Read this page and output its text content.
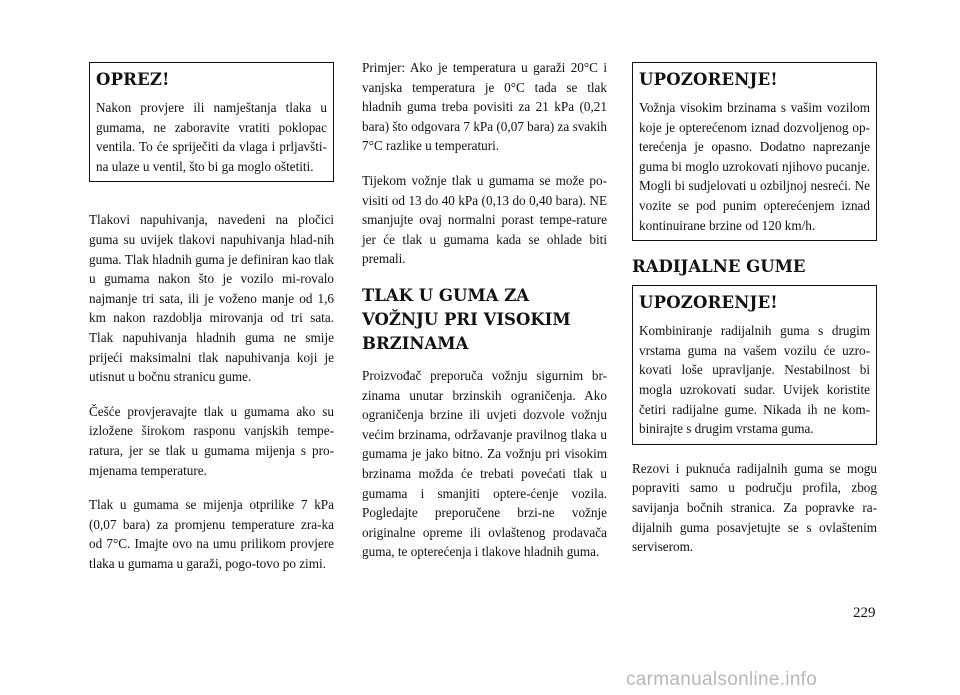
OPREZ!
Nakon provjere ili namještanja tlaka u gumama, ne zaboravite vratiti poklopac ventila. To će spriječiti da vlaga i prljavšti-na ulaze u ventil, što bi ga moglo oštetiti.

Tlakovi napuhivanja, navedeni na pločici guma su uvijek tlakovi napuhivanja hlad-nih guma. Tlak hladnih guma je definiran kao tlak u gumama nakon što je vozilo mi-rovalo najmanje tri sata, ili je voženo manje od 1,6 km nakon razdoblja mirovanja od tri sata. Tlak napuhivanja hladnih guma ne smije prijeći maksimalni tlak napuhivanja koji je utisnut u bočnu stranicu gume.

Češće provjeravajte tlak u gumama ako su izložene širokom rasponu vanjskih tempe-ratura, jer se tlak u gumama mijenja s pro-mjenama temperature.

Tlak u gumama se mijenja otprilike 7 kPa (0,07 bara) za promjenu temperature zra-ka od 7°C. Imajte ovo na umu prilikom provjere tlaka u gumama u garaži, pogo-tovo po zimi.

Primjer: Ako je temperatura u garaži 20°C i vanjska temperatura je 0°C tada se tlak hladnih guma treba povisiti za 21 kPa (0,21 bara) što odgovara 7 kPa (0,07 bara) za svakih 7°C razlike u temperaturi.

Tijekom vožnje tlak u gumama se može po-visiti od 13 do 40 kPa (0,13 do 0,40 bara). NE smanjujte ovaj normalni porast tempe-rature jer će tlak u gumama kada se ohlade biti premali.

TLAK U GUMA ZA VOŽNJU PRI VISOKIM BRZINAMA

Proizvođač preporuča vožnju sigurnim br-zinama unutar brzinskih ograničenja. Ako ograničenja brzine ili uvjeti dozvole vožnju većim brzinama, održavanje pravilnog tlaka u gumama je jako bitno. Za vožnju pri visokim brzinama možda će trebati povećati tlak u gumama i smanjiti optere-ćenje vozila. Pogledajte preporučene brzi-ne vožnje originalne opreme ili ovlaštenog prodavača guma, te opterećenja i tlakove hladnih guma.

UPOZORENJE!
Vožnja visokim brzinama s vašim vozilom koje je opterećenom iznad dozvoljenog op-terećenja je opasno. Dodatno naprezanje guma bi moglo uzrokovati njihovo pucanje. Mogli bi sudjelovati u ozbiljnoj nesreći. Ne vozite se pod punim opterećenjem iznad kontinuirane brzine od 120 km/h.
RADIJALNE GUME
UPOZORENJE!
Kombiniranje radijalnih guma s drugim vrstama guma na vašem vozilu će uzro-kovati loše upravljanje. Nestabilnost bi mogla uzrokovati sudar. Uvijek koristite četiri radijalne gume. Nikada ih ne kom-binirajte s drugim vrstama guma.

Rezovi i puknuća radijalnih guma se mogu popraviti samo u području profila, zbog savijanja bočnih stranica. Za popravke ra-dijalnih guma posavjetujte se s ovlaštenim serviserom.

229
carmanualsonline.info
